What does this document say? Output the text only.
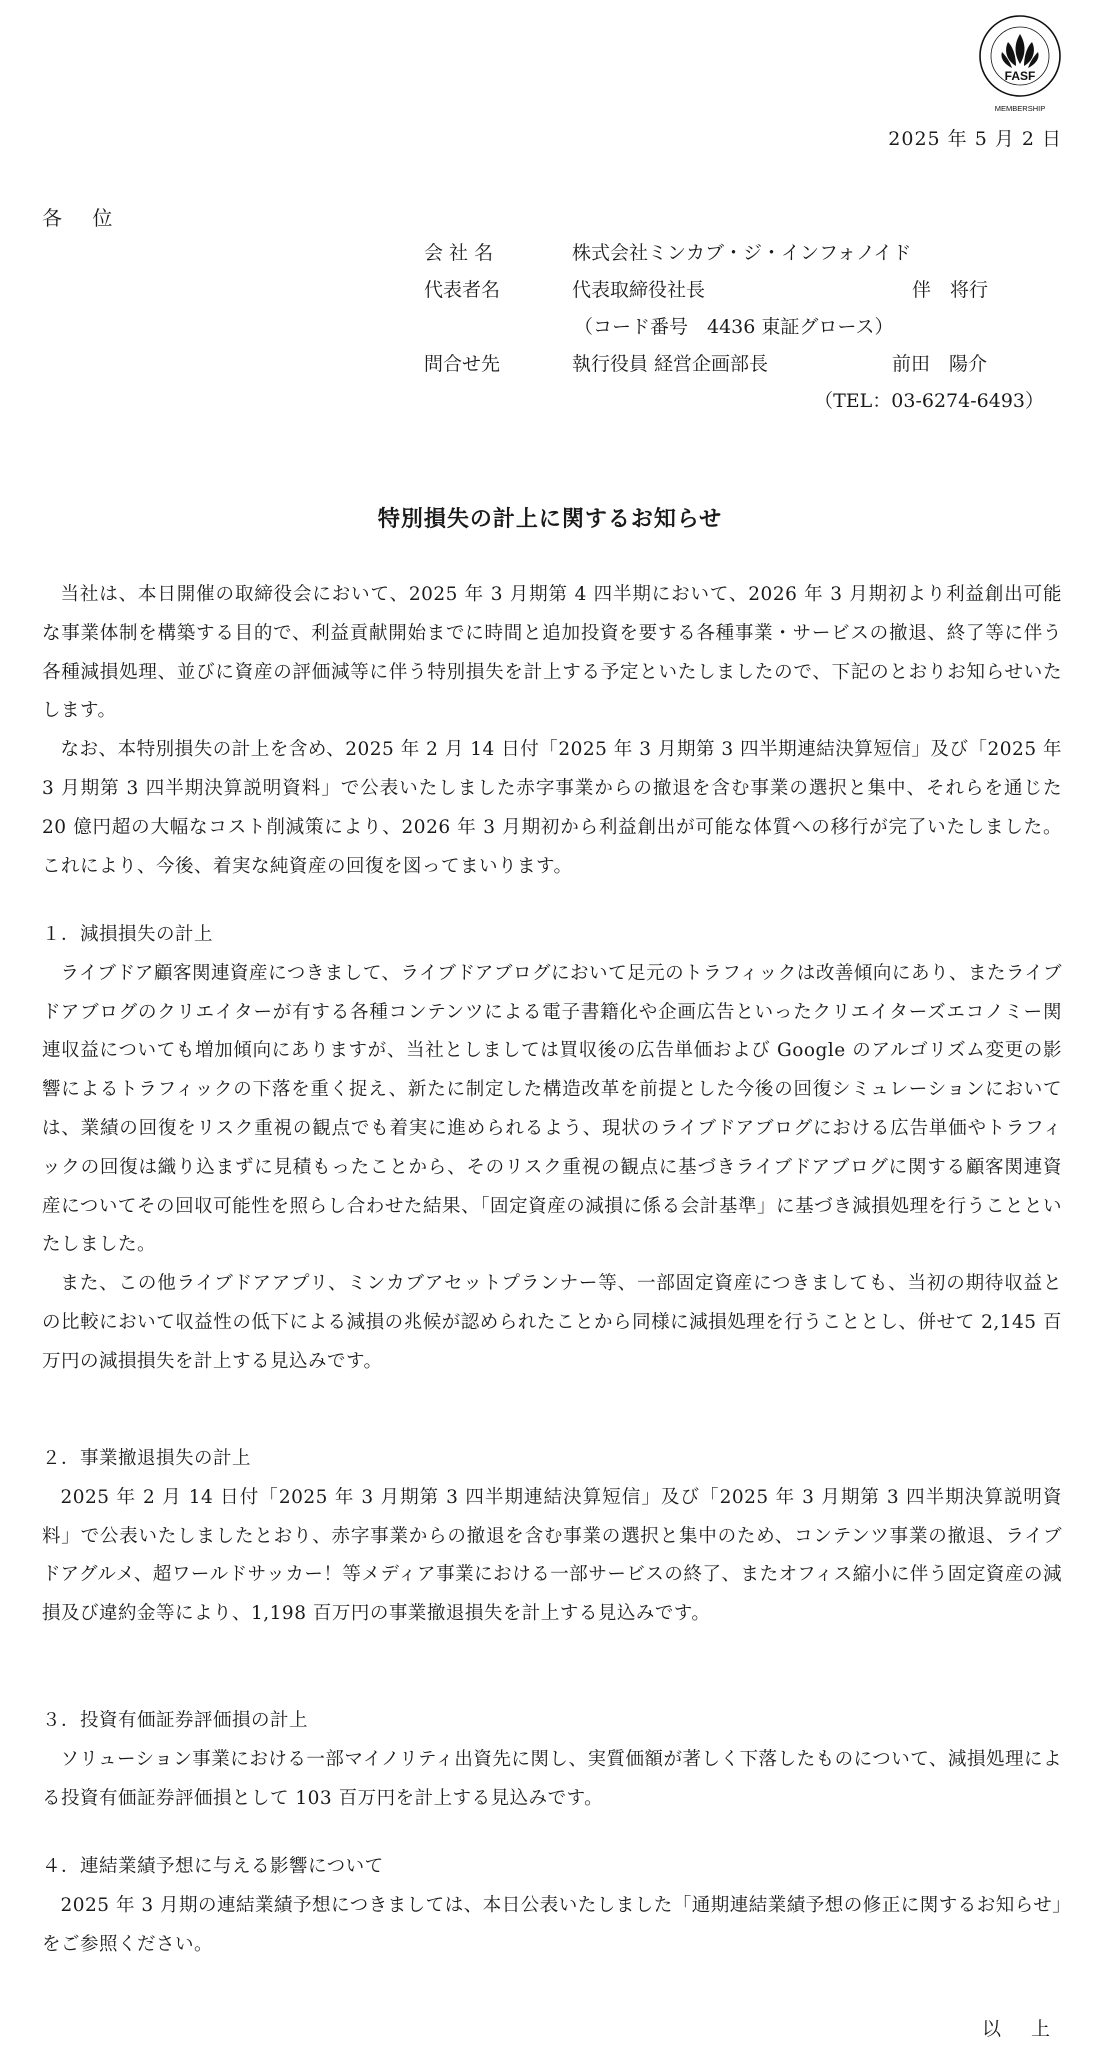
FASF
MEMBERSHIP
2025 年 5 月 2 日
各 位
会 社 名	株式会社ミンカブ・ジ・インフォノイド
代表者名	代表取締役社長	伴　将行
（コード番号　4436 東証グロース）
問合せ先	執行役員 経営企画部長	前田　陽介
（TEL：03-6274-6493）
特別損失の計上に関するお知らせ

当社は、本日開催の取締役会において、2025 年 3 月期第 4 四半期において、2026 年 3 月期初より利益創出可能な事業体制を構築する目的で、利益貢献開始までに時間と追加投資を要する各種事業・サービスの撤退、終了等に伴う各種減損処理、並びに資産の評価減等に伴う特別損失を計上する予定といたしましたので、下記のとおりお知らせいたします。

なお、本特別損失の計上を含め、2025 年 2 月 14 日付「2025 年 3 月期第 3 四半期連結決算短信」及び「2025 年 3 月期第 3 四半期決算説明資料」で公表いたしました赤字事業からの撤退を含む事業の選択と集中、それらを通じた 20 億円超の大幅なコスト削減策により、2026 年 3 月期初から利益創出が可能な体質への移行が完了いたしました。これにより、今後、着実な純資産の回復を図ってまいります。

１．減損損失の計上

ライブドア顧客関連資産につきまして、ライブドアブログにおいて足元のトラフィックは改善傾向にあり、またライブドアブログのクリエイターが有する各種コンテンツによる電子書籍化や企画広告といったクリエイターズエコノミー関連収益についても増加傾向にありますが、当社としましては買収後の広告単価および Google のアルゴリズム変更の影響によるトラフィックの下落を重く捉え、新たに制定した構造改革を前提とした今後の回復シミュレーションにおいては、業績の回復をリスク重視の観点でも着実に進められるよう、現状のライブドアブログにおける広告単価やトラフィックの回復は織り込まずに見積もったことから、そのリスク重視の観点に基づきライブドアブログに関する顧客関連資産についてその回収可能性を照らし合わせた結果、「固定資産の減損に係る会計基準」に基づき減損処理を行うことといたしました。

また、この他ライブドアアプリ、ミンカブアセットプランナー等、一部固定資産につきましても、当初の期待収益との比較において収益性の低下による減損の兆候が認められたことから同様に減損処理を行うこととし、併せて 2,145 百万円の減損損失を計上する見込みです。

２．事業撤退損失の計上

2025 年 2 月 14 日付「2025 年 3 月期第 3 四半期連結決算短信」及び「2025 年 3 月期第 3 四半期決算説明資料」で公表いたしましたとおり、赤字事業からの撤退を含む事業の選択と集中のため、コンテンツ事業の撤退、ライブドアグルメ、超ワールドサッカー！等メディア事業における一部サービスの終了、またオフィス縮小に伴う固定資産の減損及び違約金等により、1,198 百万円の事業撤退損失を計上する見込みです。

３．投資有価証券評価損の計上

ソリューション事業における一部マイノリティ出資先に関し、実質価額が著しく下落したものについて、減損処理による投資有価証券評価損として 103 百万円を計上する見込みです。

４．連結業績予想に与える影響について

2025 年 3 月期の連結業績予想につきましては、本日公表いたしました「通期連結業績予想の修正に関するお知らせ」をご参照ください。

以 上
